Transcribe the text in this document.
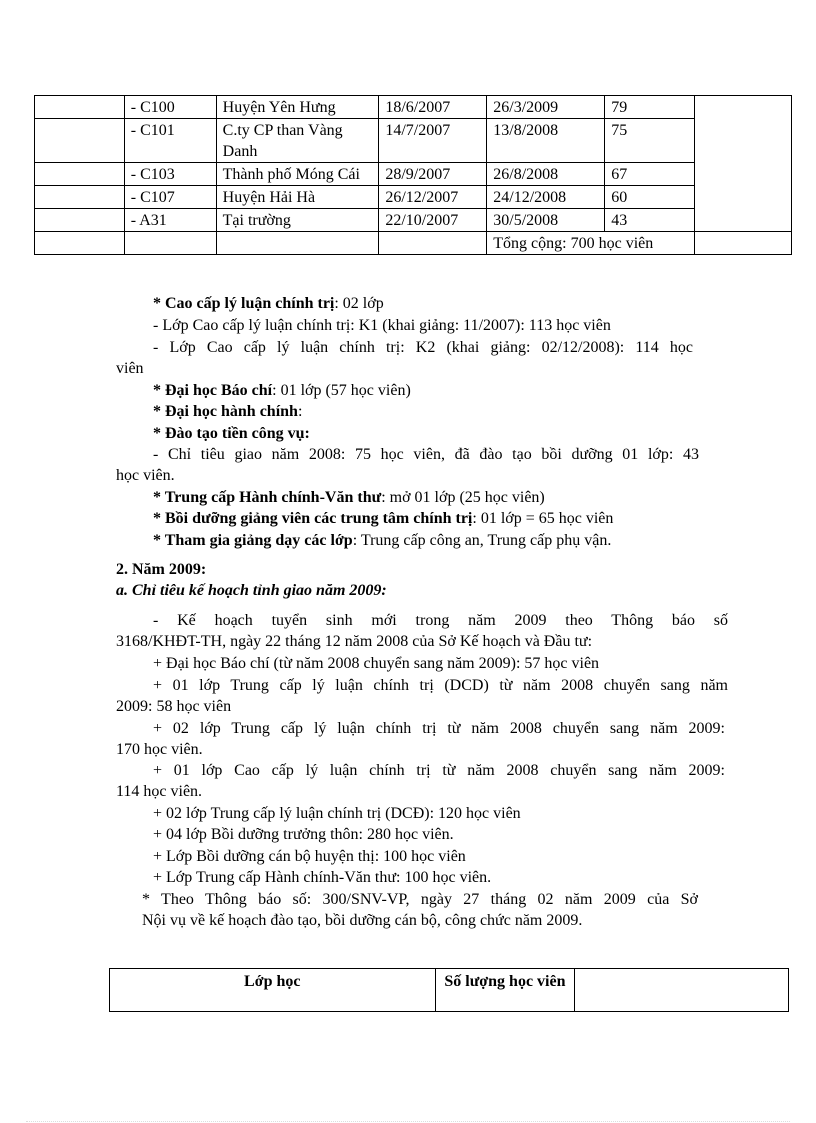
	- C100	Huyện Yên Hưng	18/6/2007	26/3/2009	79	
	- C101	C.ty CP than Vàng Danh	14/7/2007	13/8/2008	75	
	- C103	Thành phố Móng Cái	28/9/2007	26/8/2008	67	
	- C107	Huyện Hải Hà	26/12/2007	24/12/2008	60	
	- A31	Tại trường	22/10/2007	30/5/2008	43	
				Tổng cộng: 700 học viên		
* Cao cấp lý luận chính trị: 02 lớp
- Lớp Cao cấp lý luận chính trị: K1 (khai giảng: 11/2007): 113 học viên
- Lớp Cao cấp lý luận chính trị: K2 (khai giảng: 02/12/2008): 114 học
viên
* Đại học Báo chí: 01 lớp (57 học viên)
* Đại học hành chính:
* Đào tạo tiền công vụ:
- Chỉ tiêu giao năm 2008: 75 học viên, đã đào tạo bồi dưỡng 01 lớp: 43
học viên.
* Trung cấp Hành chính-Văn thư: mở 01 lớp (25 học viên)
* Bồi dưỡng giảng viên các trung tâm chính trị: 01 lớp = 65 học viên
* Tham gia giảng dạy các lớp: Trung cấp công an, Trung cấp phụ vận.
2. Năm 2009:
a. Chỉ tiêu kế hoạch tỉnh giao năm 2009:
- Kế hoạch tuyển sinh mới trong năm 2009 theo Thông báo số
3168/KHĐT-TH, ngày 22 tháng 12 năm 2008 của Sở Kế hoạch và Đầu tư:
+ Đại học Báo chí (từ năm 2008 chuyển sang năm 2009): 57 học viên
+ 01 lớp Trung cấp lý luận chính trị (DCD) từ năm 2008 chuyển sang năm
2009: 58 học viên
+ 02 lớp Trung cấp lý luận chính trị từ năm 2008 chuyển sang năm 2009:
170 học viên.
+ 01 lớp Cao cấp lý luận chính trị từ năm 2008 chuyển sang năm 2009:
114 học viên.
+ 02 lớp Trung cấp lý luận chính trị (DCĐ): 120 học viên
+ 04 lớp Bồi dưỡng trưởng thôn: 280 học viên.
+ Lớp Bồi dưỡng cán bộ huyện thị: 100 học viên
+ Lớp Trung cấp Hành chính-Văn thư: 100 học viên.
* Theo Thông báo số: 300/SNV-VP, ngày 27 tháng 02 năm 2009 của Sở
Nội vụ về kế hoạch đào tạo, bồi dưỡng cán bộ, công chức năm 2009.
Lớp học	Số lượng học viên	
